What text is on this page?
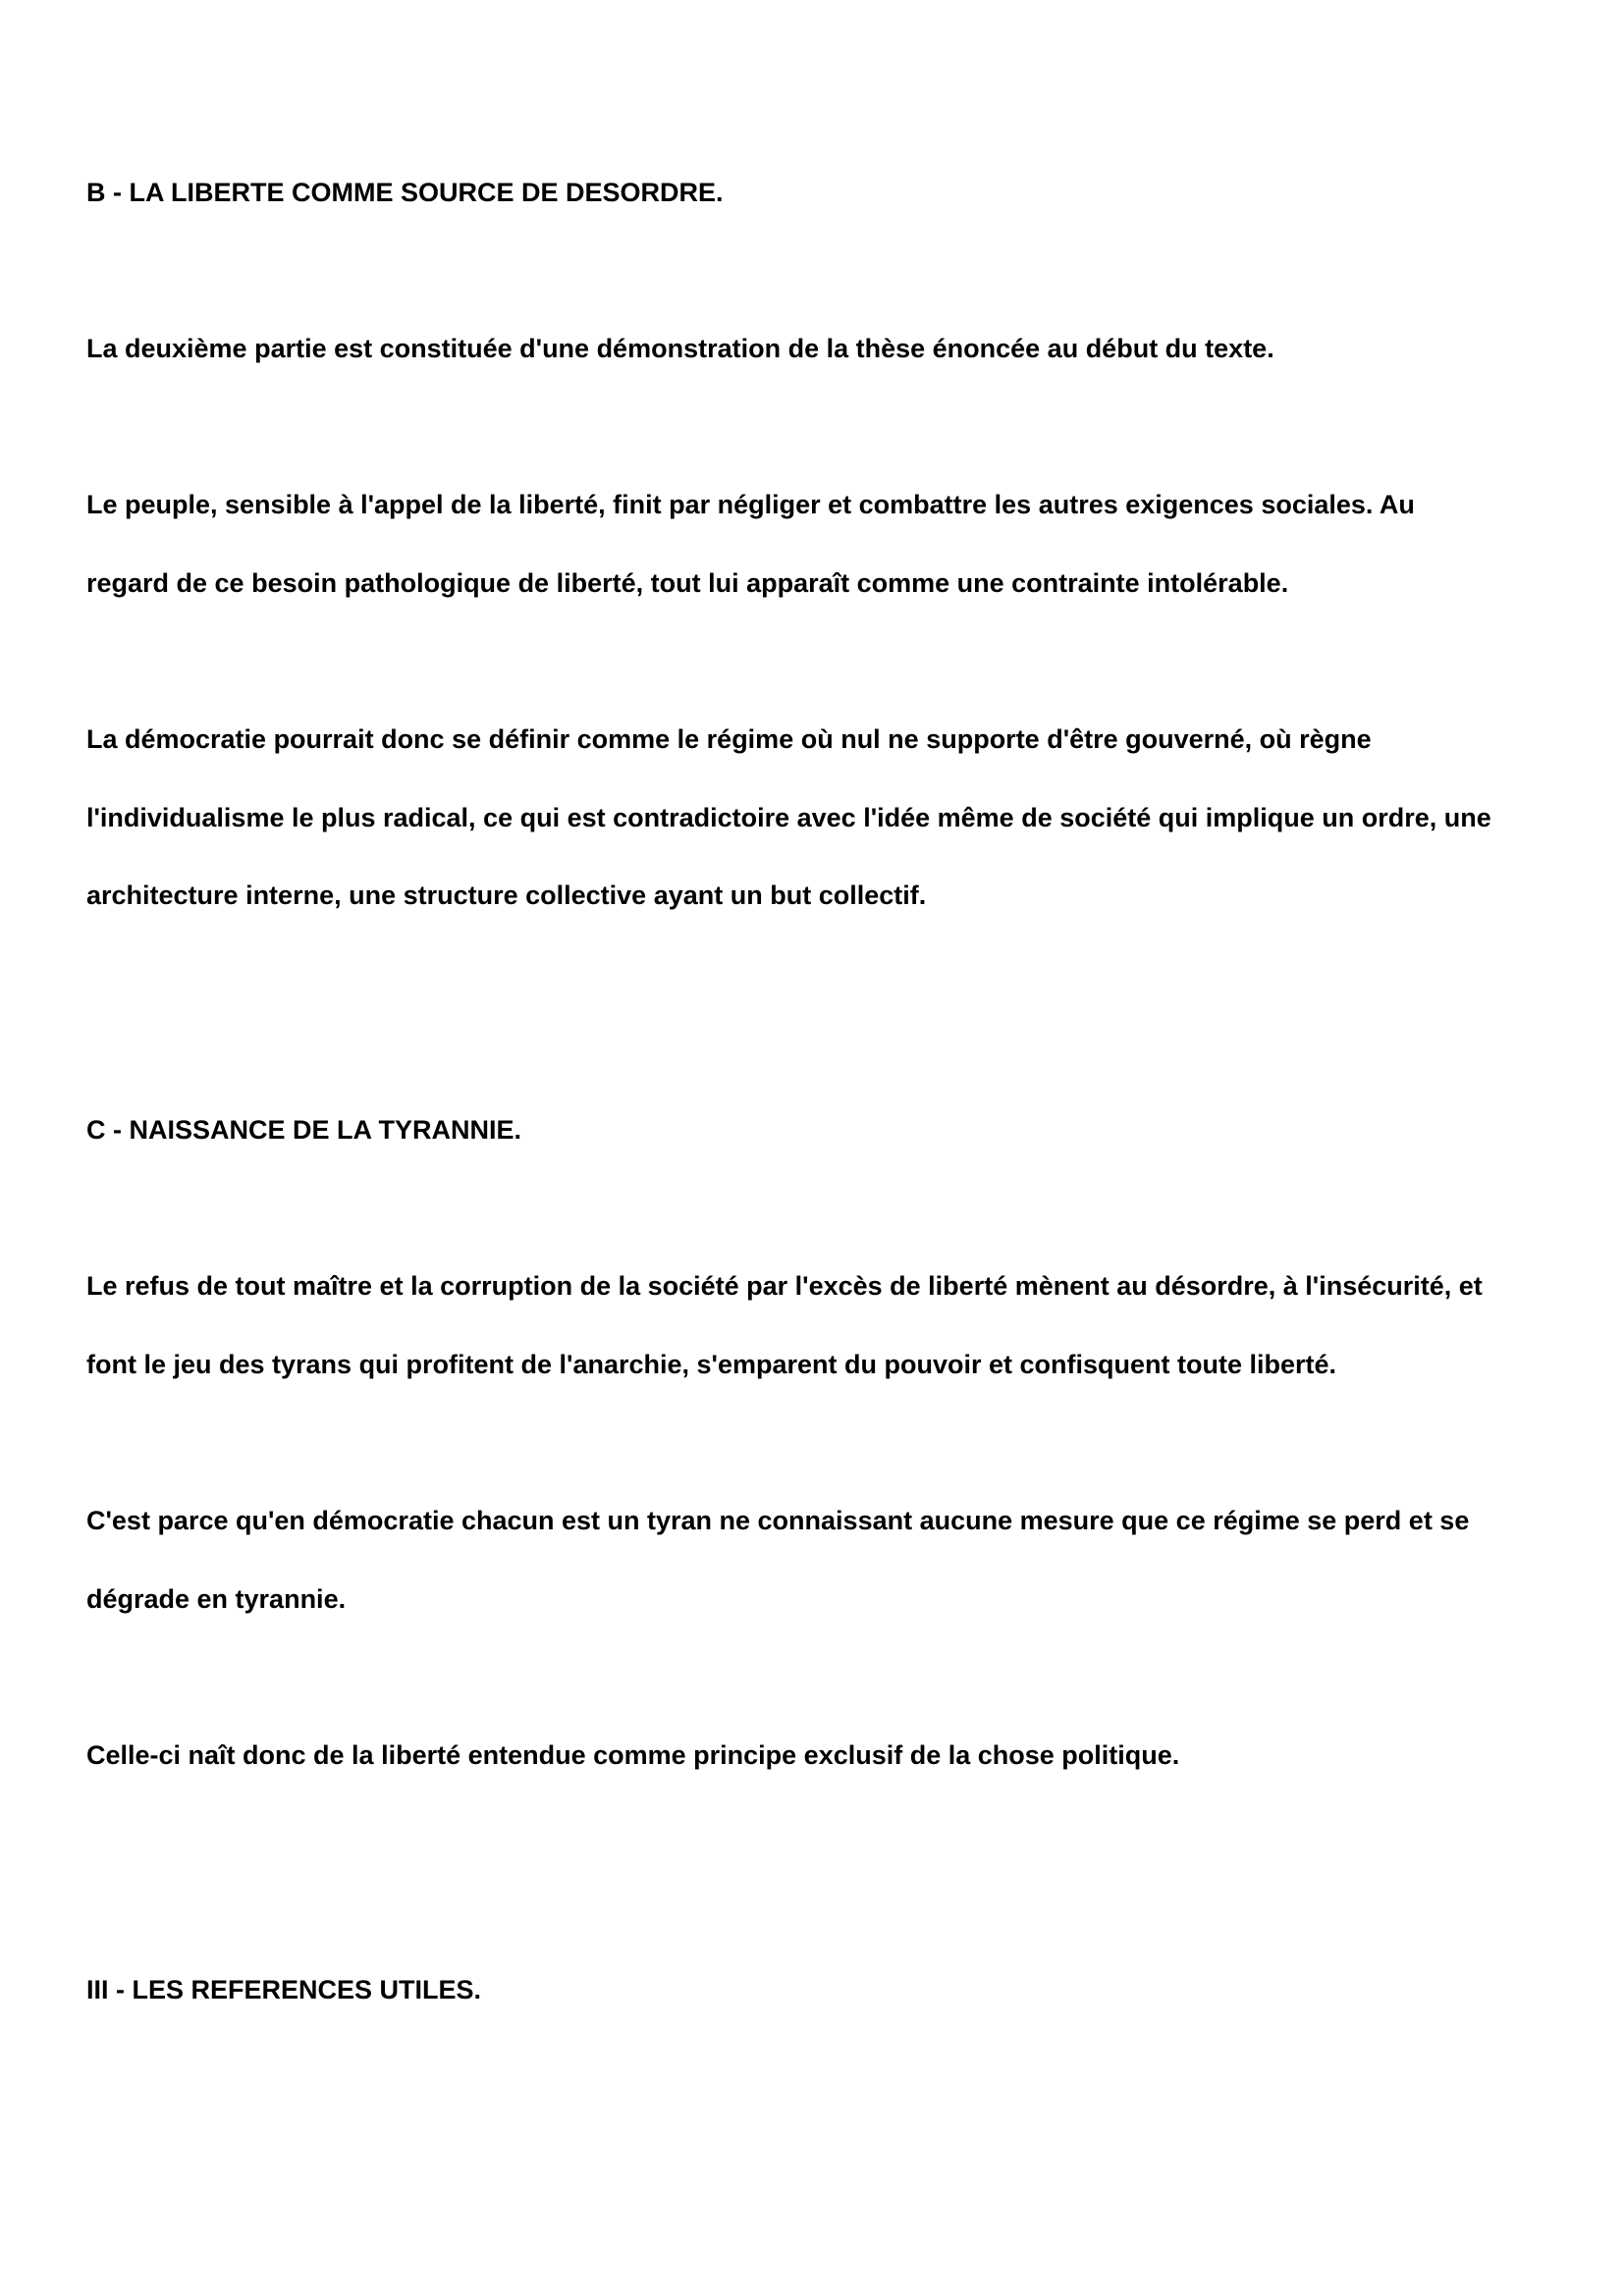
B - LA LIBERTE COMME SOURCE DE DESORDRE.

La deuxième partie est constituée d'une démonstration de la thèse énoncée au début du texte.

Le peuple, sensible à l'appel de la liberté, finit par négliger et combattre les autres exigences sociales. Au

regard de ce besoin pathologique de liberté, tout lui apparaît comme une contrainte intolérable.

La démocratie pourrait donc se définir comme le régime où nul ne supporte d'être gouverné, où règne

l'individualisme le plus radical, ce qui est contradictoire avec l'idée même de société qui implique un ordre, une

architecture interne, une structure collective ayant un but collectif.

C - NAISSANCE DE LA TYRANNIE.

Le refus de tout maître et la corruption de la société par l'excès de liberté mènent au désordre, à l'insécurité, et

font le jeu des tyrans qui profitent de l'anarchie, s'emparent du pouvoir et confisquent toute liberté.

C'est parce qu'en démocratie chacun est un tyran ne connaissant aucune mesure que ce régime se perd et se

dégrade en tyrannie.

Celle-ci naît donc de la liberté entendue comme principe exclusif de la chose politique.

III - LES REFERENCES UTILES.
